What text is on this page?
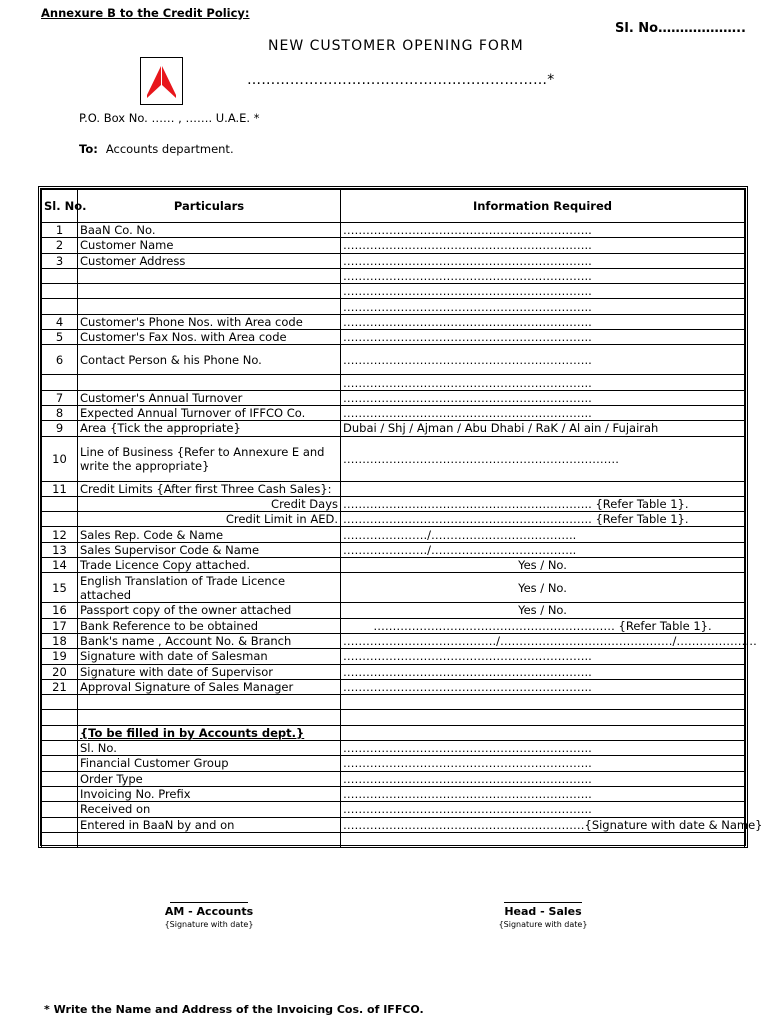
Annexure B to the Credit Policy:
Sl. No………………..
NEW CUSTOMER OPENING FORM
………………………………………………………*
P.O. Box No. …… , ……. U.A.E. *
To: Accounts department.
Sl. No.	Particulars	Information Required
1	BaaN Co. No.	………………………………………………………..
2	Customer Name	………………………………………………………..
3	Customer Address	………………………………………………………..
		………………………………………………………..
		………………………………………………………..
		………………………………………………………..
4	Customer's Phone Nos. with Area code	………………………………………………………..
5	Customer's Fax Nos. with Area code	………………………………………………………..
6	Contact Person & his Phone No.	………………………………………………………..
		………………………………………………………..
7	Customer's Annual Turnover	………………………………………………………..
8	Expected Annual Turnover of IFFCO Co.	………………………………………………………..
9	Area {Tick the appropriate}	Dubai / Shj / Ajman / Abu Dhabi / RaK / Al ain / Fujairah
10	Line of Business {Refer to Annexure E and write the appropriate}	………………………………………………………………
11	Credit Limits {After first Three Cash Sales}:	
	Credit Days	……………………………………………………….. {Refer Table 1}.
	Credit Limit in AED.	……………………………………………………….. {Refer Table 1}.
12	Sales Rep. Code & Name	…………………./………………………………..
13	Sales Supervisor Code & Name	…………………./………………………………..
14	Trade Licence Copy attached.	Yes / No.
15	English Translation of Trade Licence attached	Yes / No.
16	Passport copy of the owner attached	Yes / No.
17	Bank Reference to be obtained	……………………………………………………… {Refer Table 1}.
18	Bank's name , Account No. & Branch	…………………………………./………………………………………/…………………
19	Signature with date of Salesman	………………………………………………………..
20	Signature with date of Supervisor	………………………………………………………..
21	Approval Signature of Sales Manager	………………………………………………………..

	{To be filled in by Accounts dept.}	
	Sl. No.	………………………………………………………..
	Financial Customer Group	………………………………………………………..
	Order Type	………………………………………………………..
	Invoicing No. Prefix	………………………………………………………..
	Received on	………………………………………………………..
	Entered in BaaN by and on	………………………………………………………{Signature with date & Name}

AM - Accounts
{Signature with date}
Head - Sales
{Signature with date}
* Write the Name and Address of the Invoicing Cos. of IFFCO.
